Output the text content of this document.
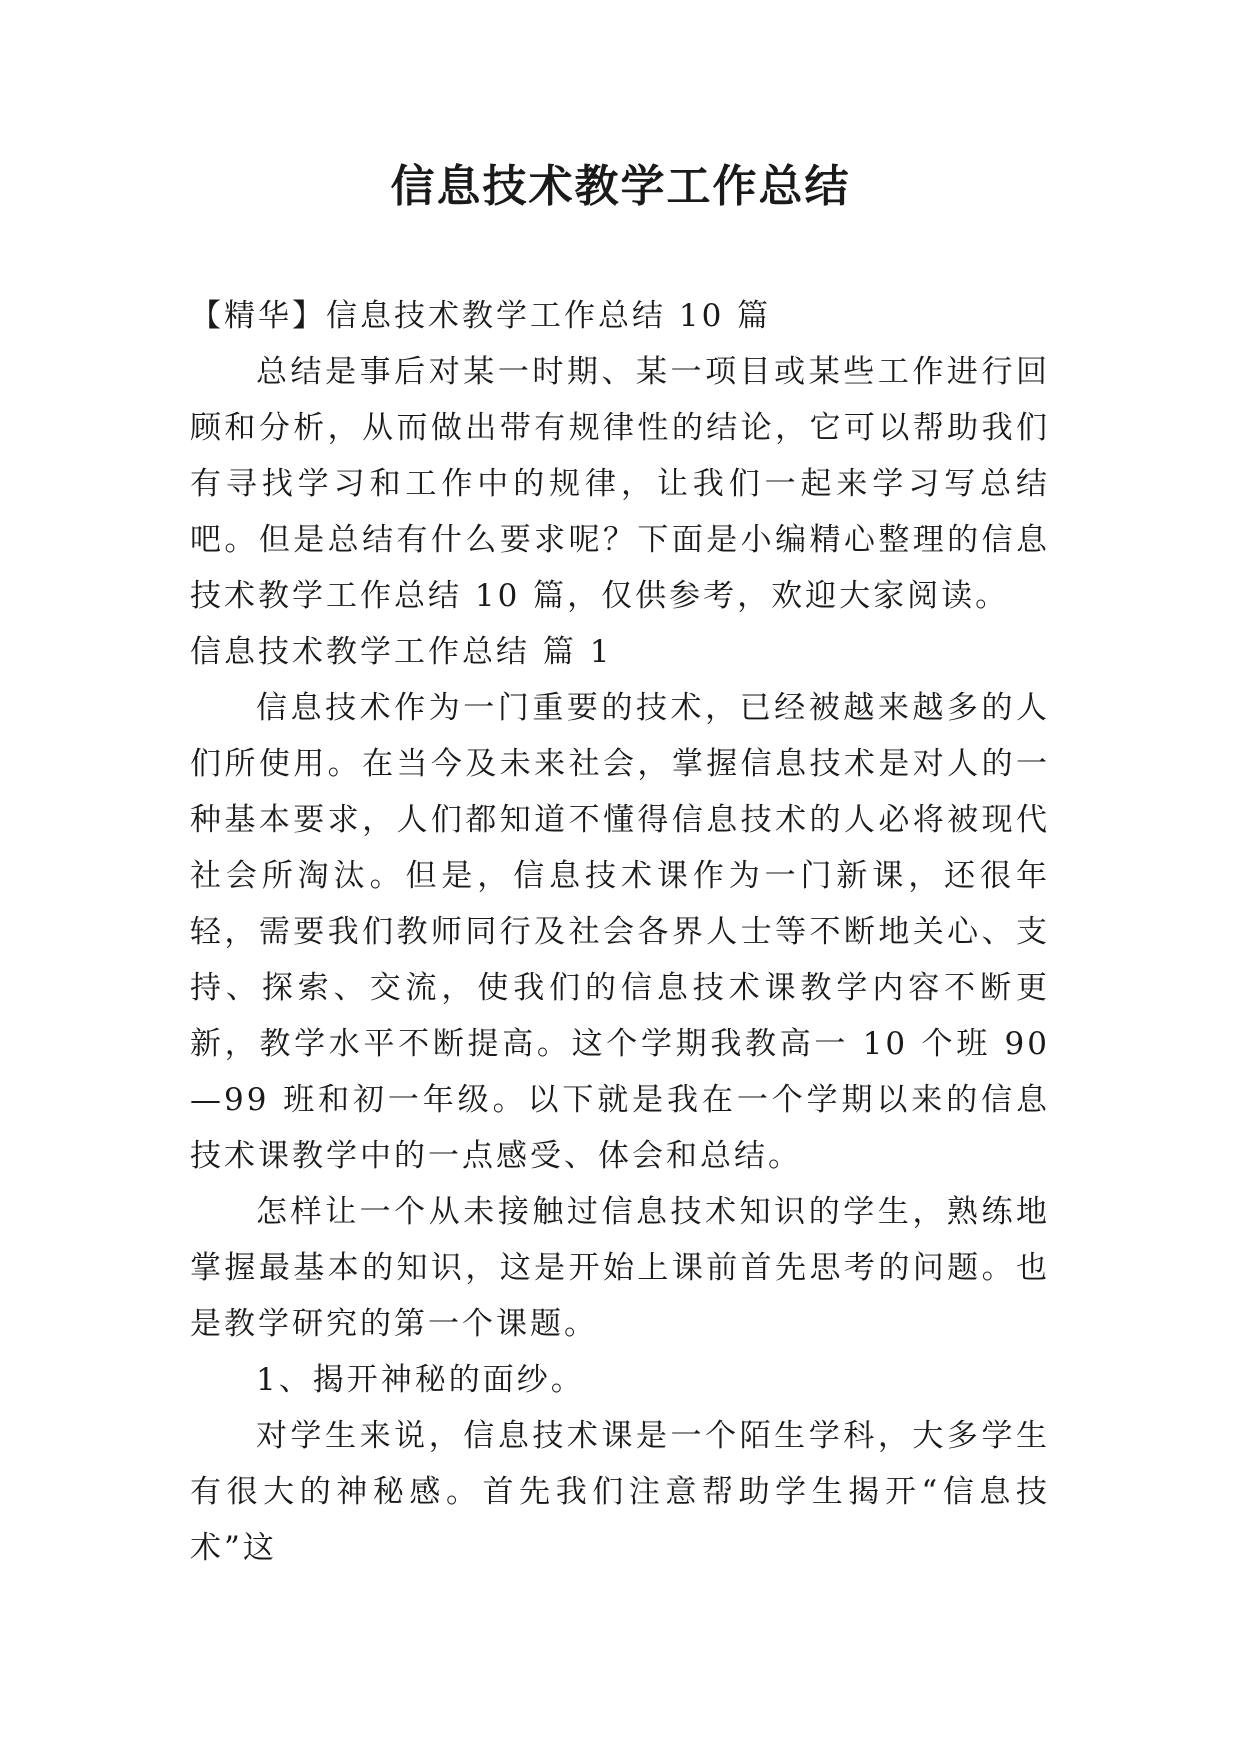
信息技术教学工作总结

【精华】信息技术教学工作总结 10 篇

总结是事后对某一时期、某一项目或某些工作进行回顾和分析，从而做出带有规律性的结论，它可以帮助我们有寻找学习和工作中的规律，让我们一起来学习写总结吧。但是总结有什么要求呢？下面是小编精心整理的信息技术教学工作总结 10 篇，仅供参考，欢迎大家阅读。

信息技术教学工作总结 篇 1

信息技术作为一门重要的技术，已经被越来越多的人们所使用。在当今及未来社会，掌握信息技术是对人的一种基本要求，人们都知道不懂得信息技术的人必将被现代社会所淘汰。但是，信息技术课作为一门新课，还很年轻，需要我们教师同行及社会各界人士等不断地关心、支持、探索、交流，使我们的信息技术课教学内容不断更新，教学水平不断提高。这个学期我教高一 10 个班 90—99 班和初一年级。以下就是我在一个学期以来的信息技术课教学中的一点感受、体会和总结。

怎样让一个从未接触过信息技术知识的学生，熟练地掌握最基本的知识，这是开始上课前首先思考的问题。也是教学研究的第一个课题。

1、揭开神秘的面纱。

对学生来说，信息技术课是一个陌生学科，大多学生有很大的神秘感。首先我们注意帮助学生揭开“信息技术”这
